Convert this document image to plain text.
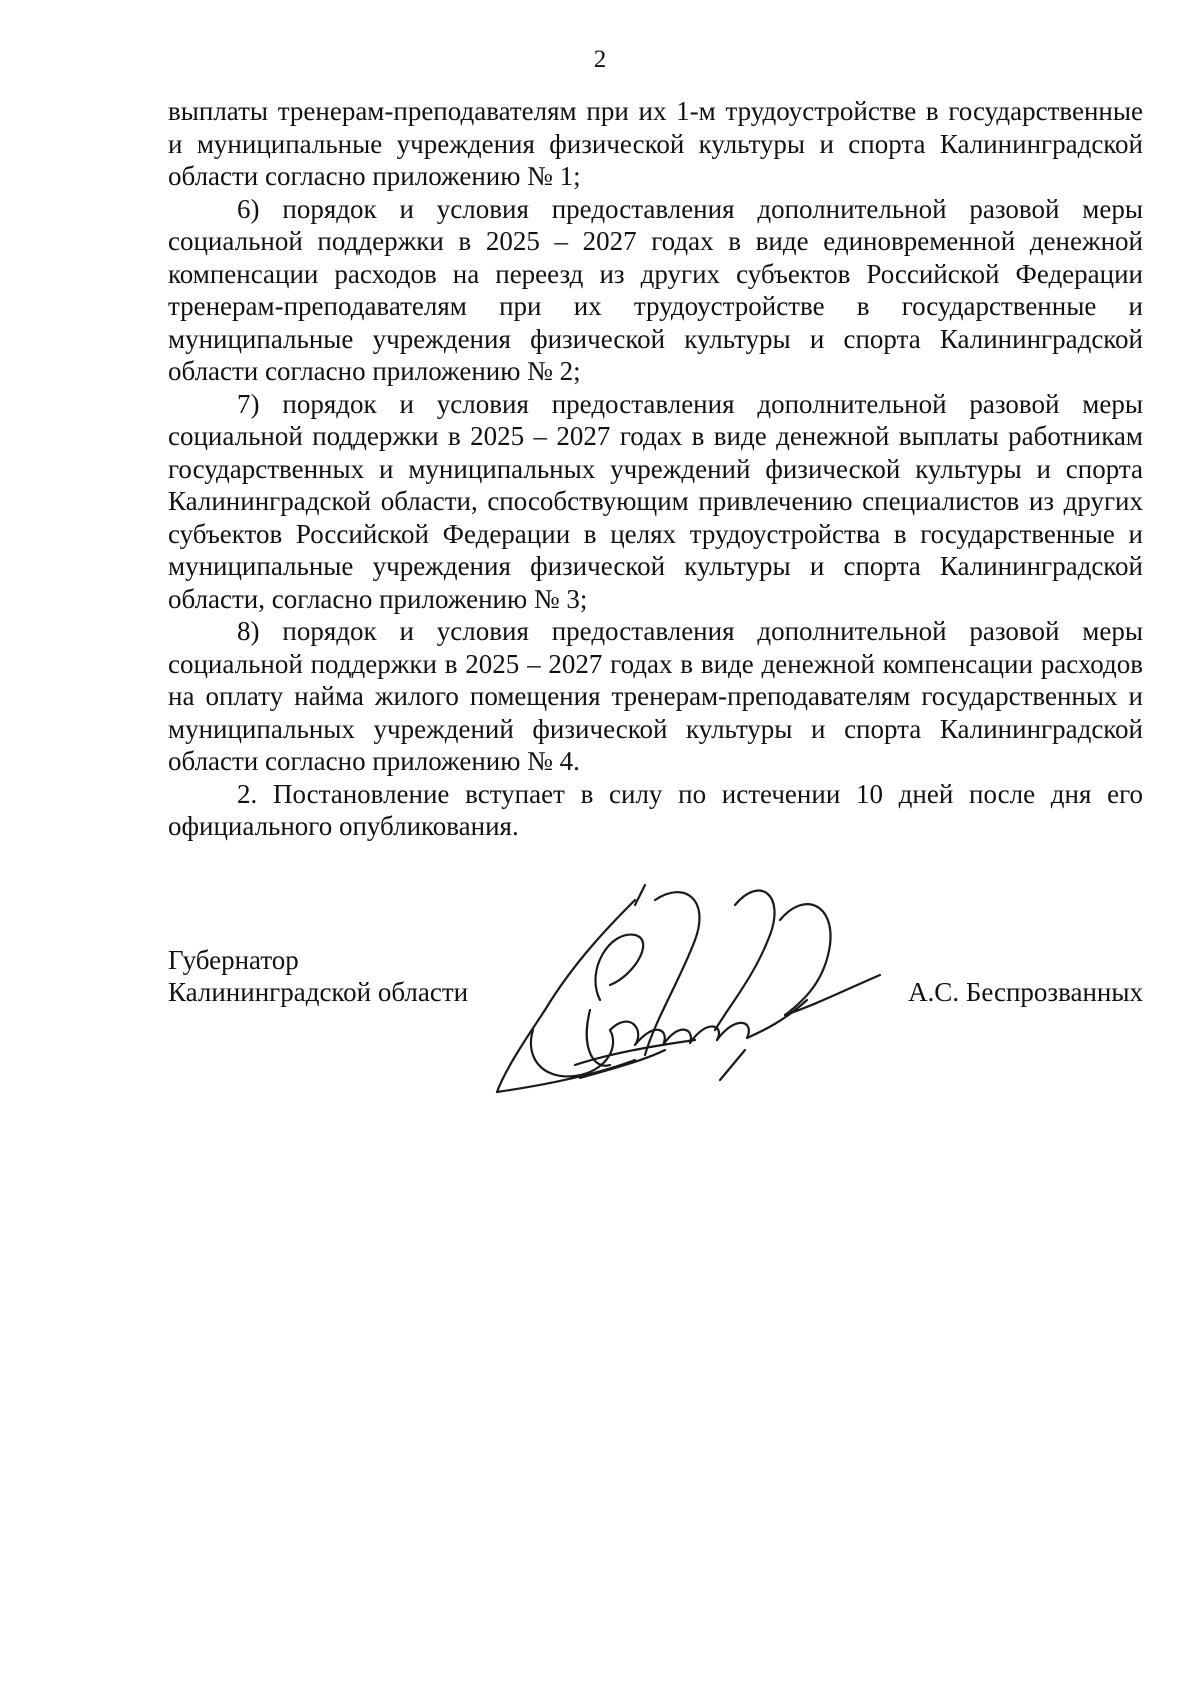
2

выплаты тренерам-преподавателям при их 1-м трудоустройстве в государственные и муниципальные учреждения физической культуры и спорта Калининградской области согласно приложению № 1;

6) порядок и условия предоставления дополнительной разовой меры социальной поддержки в 2025 – 2027 годах в виде единовременной денежной компенсации расходов на переезд из других субъектов Российской Федерации тренерам-преподавателям при их трудоустройстве в государственные и муниципальные учреждения физической культуры и спорта Калининградской области согласно приложению № 2;

7) порядок и условия предоставления дополнительной разовой меры социальной поддержки в 2025 – 2027 годах в виде денежной выплаты работникам государственных и муниципальных учреждений физической культуры и спорта Калининградской области, способствующим привлечению специалистов из других субъектов Российской Федерации в целях трудоустройства в государственные и муниципальные учреждения физической культуры и спорта Калининградской области, согласно приложению № 3;

8) порядок и условия предоставления дополнительной разовой меры социальной поддержки в 2025 – 2027 годах в виде денежной компенсации расходов на оплату найма жилого помещения тренерам-преподавателям государственных и муниципальных учреждений физической культуры и спорта Калининградской области согласно приложению № 4.

2. Постановление вступает в силу по истечении 10 дней после дня его официального опубликования.

Губернатор
Калининградской области	А.С. Беспрозванных
